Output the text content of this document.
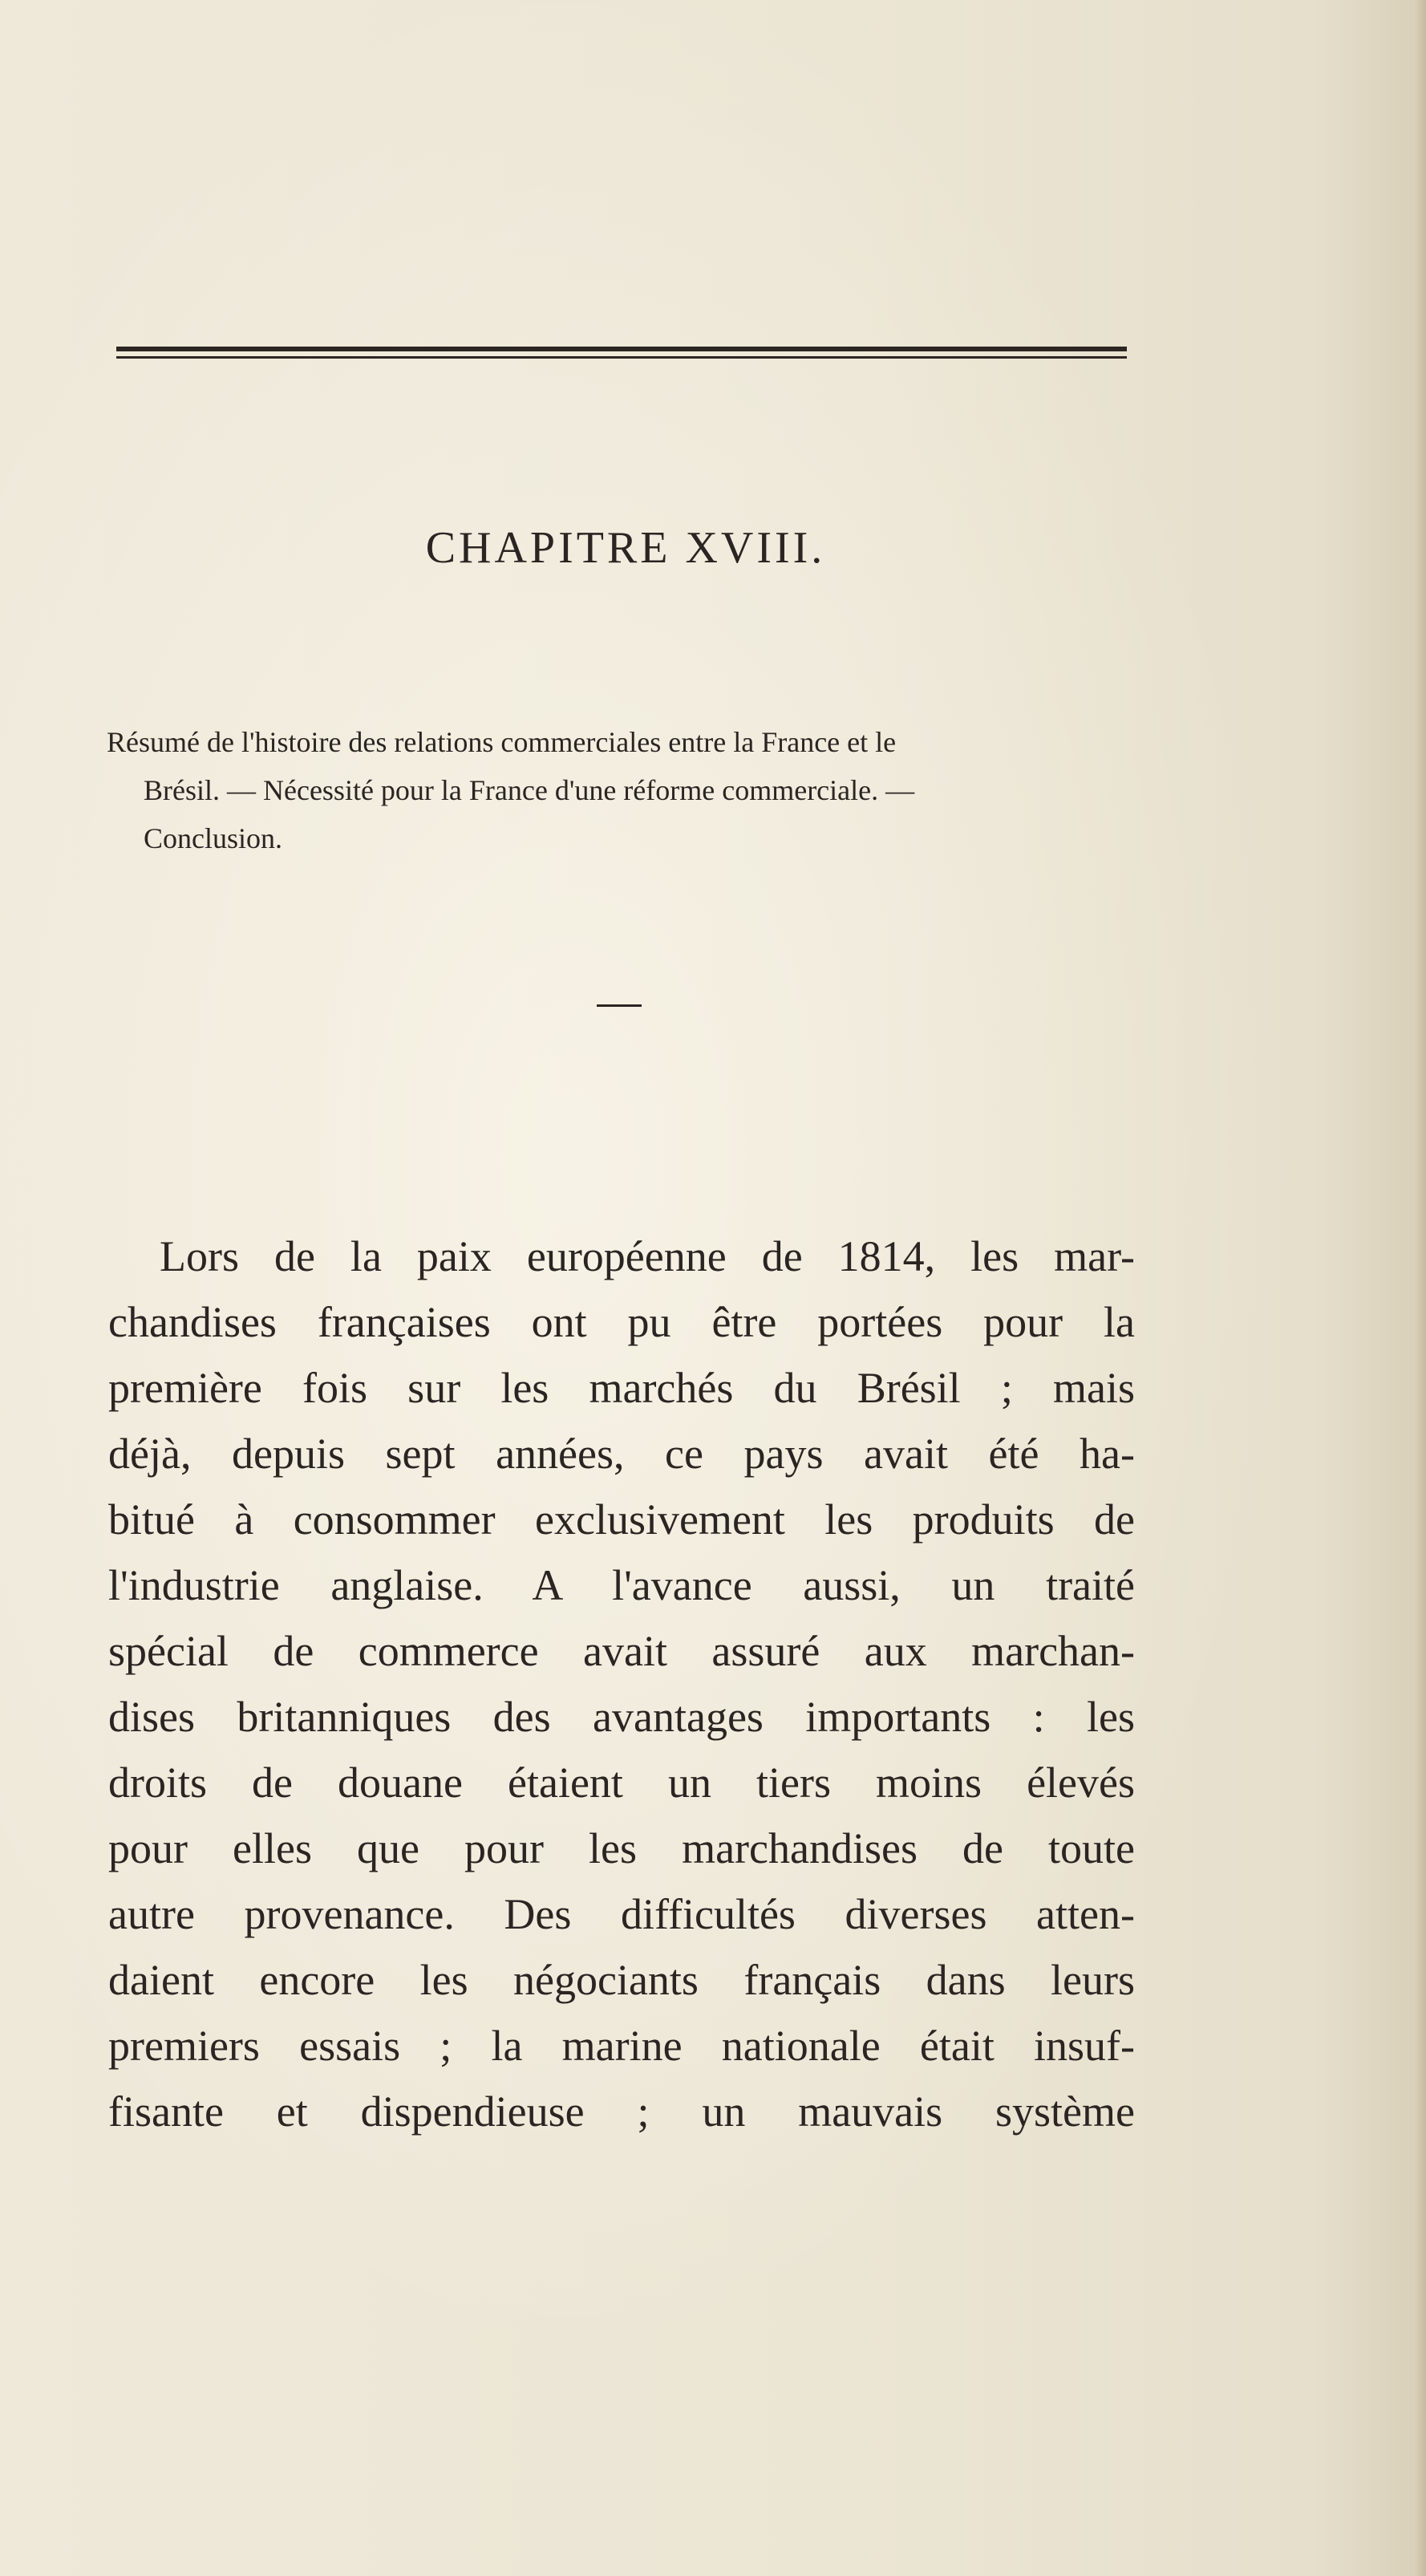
CHAPITRE XVIII.

Résumé de l'histoire des relations commerciales entre la France et le
Brésil. — Nécessité pour la France d'une réforme commerciale. —
Conclusion.

Lors de la paix européenne de 1814, les mar-
chandises françaises ont pu être portées pour la
première fois sur les marchés du Brésil ; mais
déjà, depuis sept années, ce pays avait été ha-
bitué à consommer exclusivement les produits de
l'industrie anglaise. A l'avance aussi, un traité
spécial de commerce avait assuré aux marchan-
dises britanniques des avantages importants : les
droits de douane étaient un tiers moins élevés
pour elles que pour les marchandises de toute
autre provenance. Des difficultés diverses atten-
daient encore les négociants français dans leurs
premiers essais ; la marine nationale était insuf-
fisante et dispendieuse ; un mauvais système
